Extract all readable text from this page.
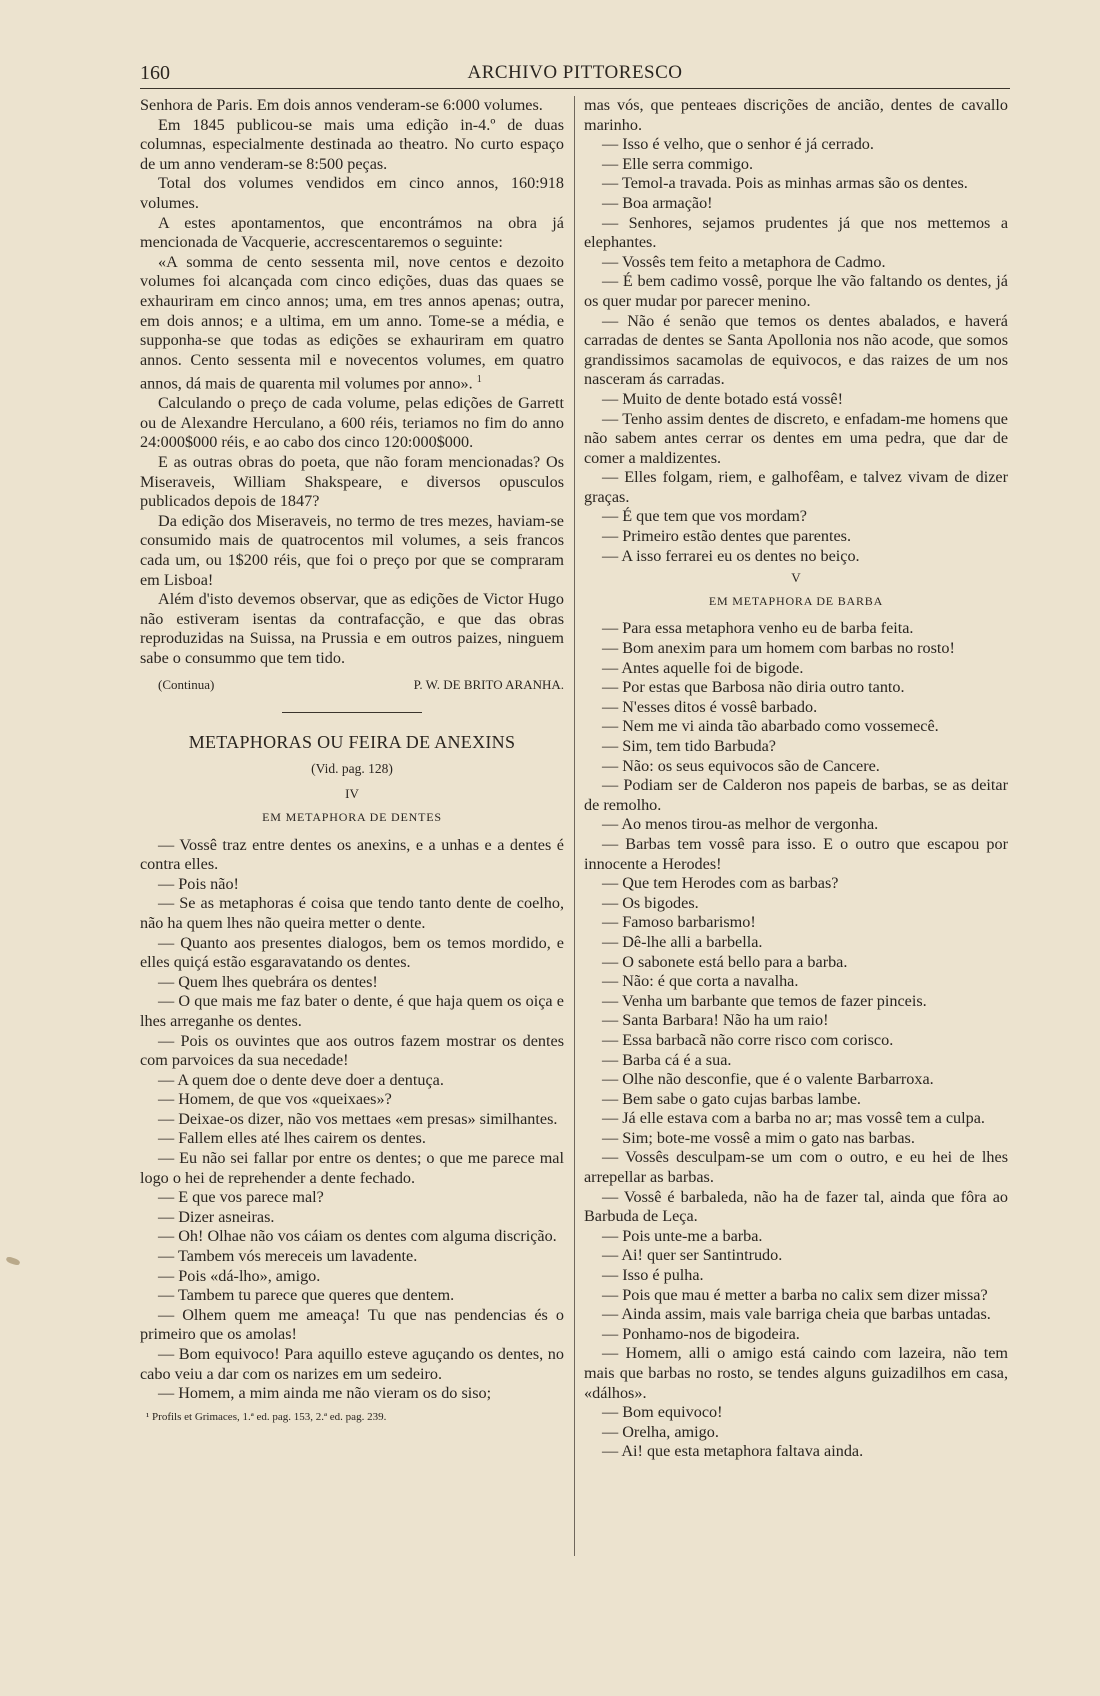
160	ARCHIVO PITTORESCO

Senhora de Paris. Em dois annos venderam-se 6:000 volumes.

Em 1845 publicou-se mais uma edição in-4.º de duas columnas, especialmente destinada ao theatro. No curto espaço de um anno venderam-se 8:500 peças.

Total dos volumes vendidos em cinco annos, 160:918 volumes.

A estes apontamentos, que encontrámos na obra já mencionada de Vacquerie, accrescentaremos o seguinte:

«A somma de cento sessenta mil, nove centos e dezoito volumes foi alcançada com cinco edições, duas das quaes se exhauriram em cinco annos; uma, em tres annos apenas; outra, em dois annos; e a ultima, em um anno. Tome-se a média, e supponha-se que todas as edições se exhauriram em quatro annos. Cento sessenta mil e novecentos volumes, em quatro annos, dá mais de quarenta mil volumes por anno». $^1$

Calculando o preço de cada volume, pelas edições de Garrett ou de Alexandre Herculano, a 600 réis, teriamos no fim do anno 24:000$000 réis, e ao cabo dos cinco 120:000$000.

E as outras obras do poeta, que não foram mencionadas? Os Miseraveis, William Shakspeare, e diversos opusculos publicados depois de 1847?

Da edição dos Miseraveis, no termo de tres mezes, haviam-se consumido mais de quatrocentos mil volumes, a seis francos cada um, ou 1$200 réis, que foi o preço por que se compraram em Lisboa!

Além d'isto devemos observar, que as edições de Victor Hugo não estiveram isentas da contrafacção, e que das obras reproduzidas na Suissa, na Prussia e em outros paizes, ninguem sabe o consummo que tem tido.

(Continua)	P. W. DE BRITO ARANHA.
METAPHORAS OU FEIRA DE ANEXINS
(Vid. pag. 128)
IV
EM METAPHORA DE DENTES

— Vossê traz entre dentes os anexins, e a unhas e a dentes é contra elles.

— Pois não!

— Se as metaphoras é coisa que tendo tanto dente de coelho, não ha quem lhes não queira metter o dente.

— Quanto aos presentes dialogos, bem os temos mordido, e elles quiçá estão esgaravatando os dentes.

— Quem lhes quebrára os dentes!

— O que mais me faz bater o dente, é que haja quem os oiça e lhes arreganhe os dentes.

— Pois os ouvintes que aos outros fazem mostrar os dentes com parvoices da sua necedade!

— A quem doe o dente deve doer a dentuça.

— Homem, de que vos «queixaes»?

— Deixae-os dizer, não vos mettaes «em presas» similhantes.

— Fallem elles até lhes cairem os dentes.

— Eu não sei fallar por entre os dentes; o que me parece mal logo o hei de reprehender a dente fechado.

— E que vos parece mal?

— Dizer asneiras.

— Oh! Olhae não vos cáiam os dentes com alguma discrição.

— Tambem vós mereceis um lavadente.

— Pois «dá-lho», amigo.

— Tambem tu parece que queres que dentem.

— Olhem quem me ameaça! Tu que nas pendencias és o primeiro que os amolas!

— Bom equivoco! Para aquillo esteve aguçando os dentes, no cabo veiu a dar com os narizes em um sedeiro.

— Homem, a mim ainda me não vieram os do siso;

¹ Profils et Grimaces, 1.ª ed. pag. 153, 2.ª ed. pag. 239.

mas vós, que penteaes discrições de ancião, dentes de cavallo marinho.

— Isso é velho, que o senhor é já cerrado.

— Elle serra commigo.

— Temol-a travada. Pois as minhas armas são os dentes.

— Boa armação!

— Senhores, sejamos prudentes já que nos mettemos a elephantes.

— Vossês tem feito a metaphora de Cadmo.

— É bem cadimo vossê, porque lhe vão faltando os dentes, já os quer mudar por parecer menino.

— Não é senão que temos os dentes abalados, e haverá carradas de dentes se Santa Apollonia nos não acode, que somos grandissimos sacamolas de equivocos, e das raizes de um nos nasceram ás carradas.

— Muito de dente botado está vossê!

— Tenho assim dentes de discreto, e enfadam-me homens que não sabem antes cerrar os dentes em uma pedra, que dar de comer a maldizentes.

— Elles folgam, riem, e galhofêam, e talvez vivam de dizer graças.

— É que tem que vos mordam?

— Primeiro estão dentes que parentes.

— A isso ferrarei eu os dentes no beiço.

V
EM METAPHORA DE BARBA

— Para essa metaphora venho eu de barba feita.

— Bom anexim para um homem com barbas no rosto!

— Antes aquelle foi de bigode.

— Por estas que Barbosa não diria outro tanto.

— N'esses ditos é vossê barbado.

— Nem me vi ainda tão abarbado como vossemecê.

— Sim, tem tido Barbuda?

— Não: os seus equivocos são de Cancere.

— Podiam ser de Calderon nos papeis de barbas, se as deitar de remolho.

— Ao menos tirou-as melhor de vergonha.

— Barbas tem vossê para isso. E o outro que escapou por innocente a Herodes!

— Que tem Herodes com as barbas?

— Os bigodes.

— Famoso barbarismo!

— Dê-lhe alli a barbella.

— O sabonete está bello para a barba.

— Não: é que corta a navalha.

— Venha um barbante que temos de fazer pinceis.

— Santa Barbara! Não ha um raio!

— Essa barbacã não corre risco com corisco.

— Barba cá é a sua.

— Olhe não desconfie, que é o valente Barbarroxa.

— Bem sabe o gato cujas barbas lambe.

— Já elle estava com a barba no ar; mas vossê tem a culpa.

— Sim; bote-me vossê a mim o gato nas barbas.

— Vossês desculpam-se um com o outro, e eu hei de lhes arrepellar as barbas.

— Vossê é barbaleda, não ha de fazer tal, ainda que fôra ao Barbuda de Leça.

— Pois unte-me a barba.

— Ai! quer ser Santintrudo.

— Isso é pulha.

— Pois que mau é metter a barba no calix sem dizer missa?

— Ainda assim, mais vale barriga cheia que barbas untadas.

— Ponhamo-nos de bigodeira.

— Homem, alli o amigo está caindo com lazeira, não tem mais que barbas no rosto, se tendes alguns guizadilhos em casa, «dálhos».

— Bom equivoco!

— Orelha, amigo.

— Ai! que esta metaphora faltava ainda.
